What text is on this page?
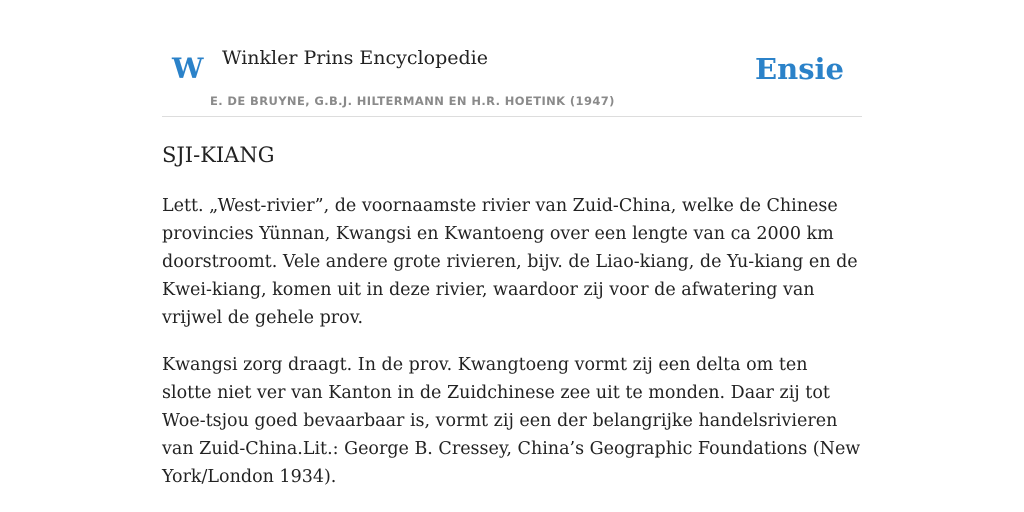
W Winkler Prins Encyclopedie
E. DE BRUYNE, G.B.J. HILTERMANN EN H.R. HOETINK (1947)
Ensie
SJI-KIANG

Lett. „West-rivier”, de voornaamste rivier van Zuid-China, welke de Chinese provincies Yünnan, Kwangsi en Kwantoeng over een lengte van ca 2000 km doorstroomt. Vele andere grote rivieren, bijv. de Liao-kiang, de Yu-kiang en de Kwei-kiang, komen uit in deze rivier, waardoor zij voor de afwatering van vrijwel de gehele prov.

Kwangsi zorg draagt. In de prov. Kwangtoeng vormt zij een delta om ten slotte niet ver van Kanton in de Zuidchinese zee uit te monden. Daar zij tot Woe-tsjou goed bevaarbaar is, vormt zij een der belangrijke handelsrivieren van Zuid-China.Lit.: George B. Cressey, China’s Geographic Foundations (New York/London 1934).
